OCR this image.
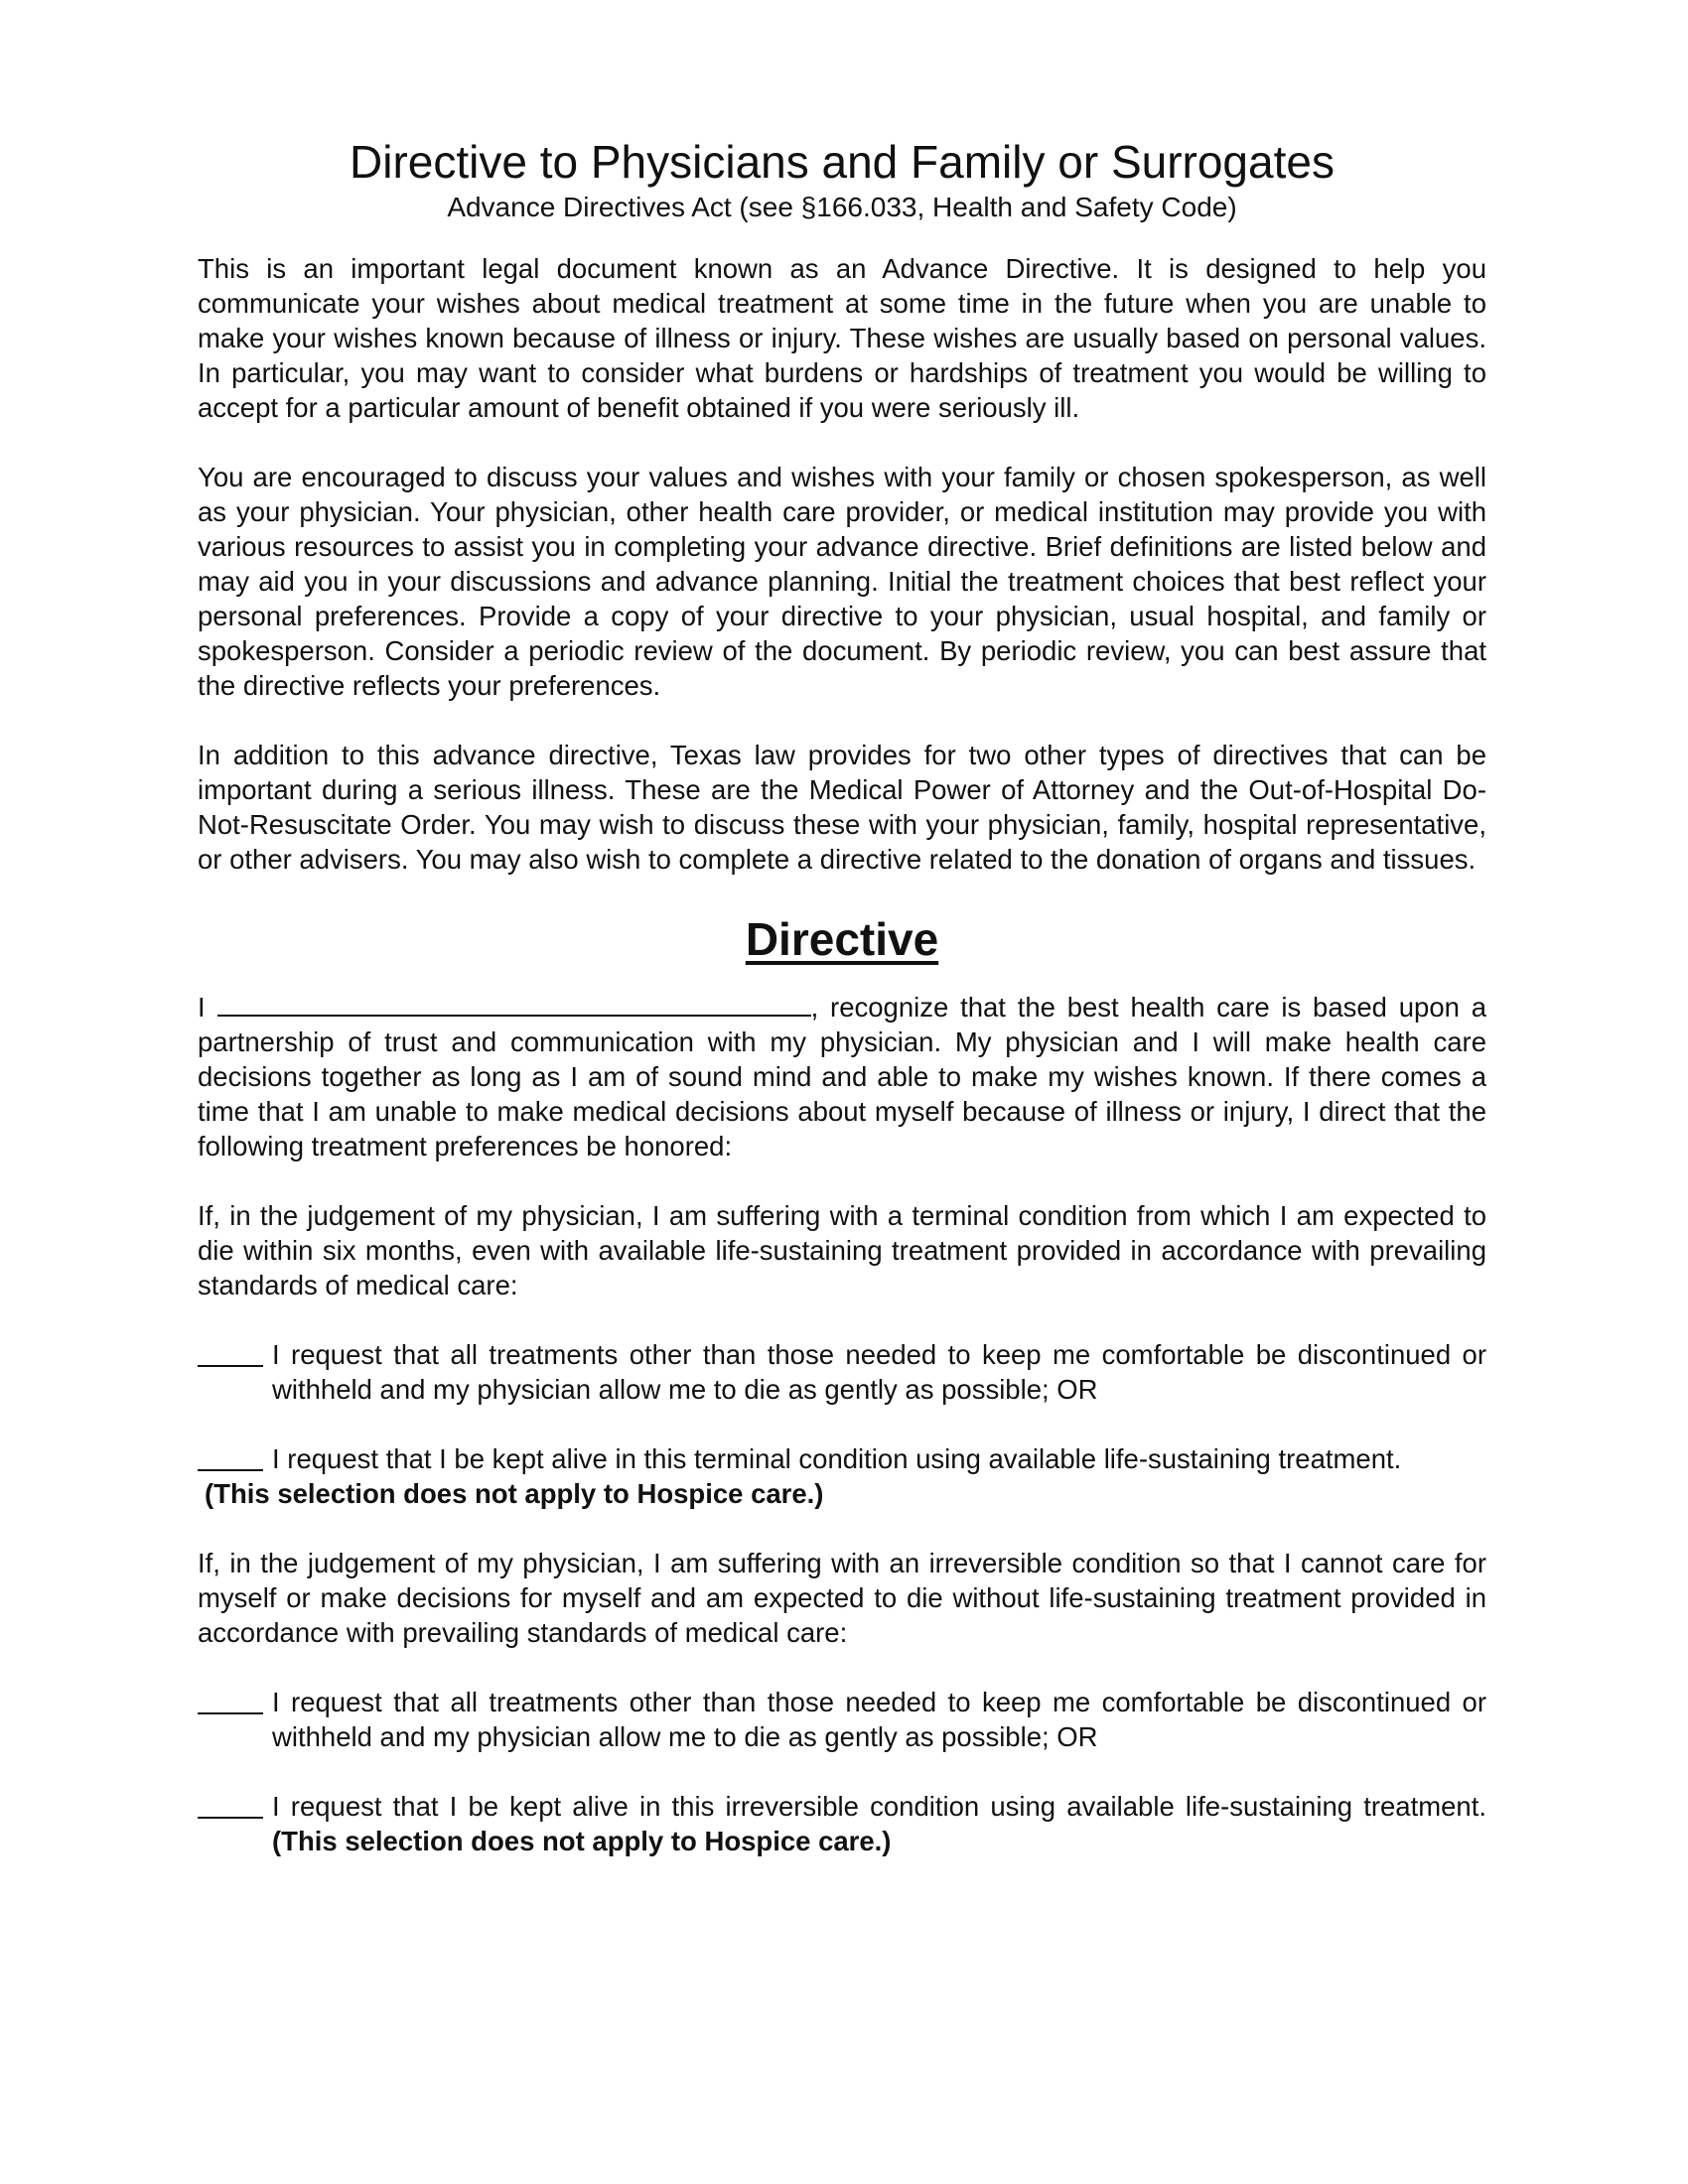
Directive to Physicians and Family or Surrogates
Advance Directives Act (see §166.033, Health and Safety Code)

This is an important legal document known as an Advance Directive. It is designed to help you communicate your wishes about medical treatment at some time in the future when you are unable to make your wishes known because of illness or injury. These wishes are usually based on personal values. In particular, you may want to consider what burdens or hardships of treatment you would be willing to accept for a particular amount of benefit obtained if you were seriously ill.

You are encouraged to discuss your values and wishes with your family or chosen spokesperson, as well as your physician. Your physician, other health care provider, or medical institution may provide you with various resources to assist you in completing your advance directive. Brief definitions are listed below and may aid you in your discussions and advance planning. Initial the treatment choices that best reflect your personal preferences. Provide a copy of your directive to your physician, usual hospital, and family or spokesperson. Consider a periodic review of the document. By periodic review, you can best assure that the directive reflects your preferences.

In addition to this advance directive, Texas law provides for two other types of directives that can be important during a serious illness. These are the Medical Power of Attorney and the Out-of-Hospital Do-Not-Resuscitate Order. You may wish to discuss these with your physician, family, hospital representative, or other advisers. You may also wish to complete a directive related to the donation of organs and tissues.

Directive

I	, recognize that the best health care is based upon a partnership of trust and communication with my physician. My physician and I will make health care decisions together as long as I am of sound mind and able to make my wishes known. If there comes a time that I am unable to make medical decisions about myself because of illness or injury, I direct that the following treatment preferences be honored:

If, in the judgement of my physician, I am suffering with a terminal condition from which I am expected to die within six months, even with available life-sustaining treatment provided in accordance with prevailing standards of medical care:

I request that all treatments other than those needed to keep me comfortable be discontinued or withheld and my physician allow me to die as gently as possible; OR
I request that I be kept alive in this terminal condition using available life-sustaining treatment.
(This selection does not apply to Hospice care.)

If, in the judgement of my physician, I am suffering with an irreversible condition so that I cannot care for myself or make decisions for myself and am expected to die without life-sustaining treatment provided in accordance with prevailing standards of medical care:

I request that all treatments other than those needed to keep me comfortable be discontinued or withheld and my physician allow me to die as gently as possible; OR
I request that I be kept alive in this irreversible condition using available life-sustaining treatment. (This selection does not apply to Hospice care.)
